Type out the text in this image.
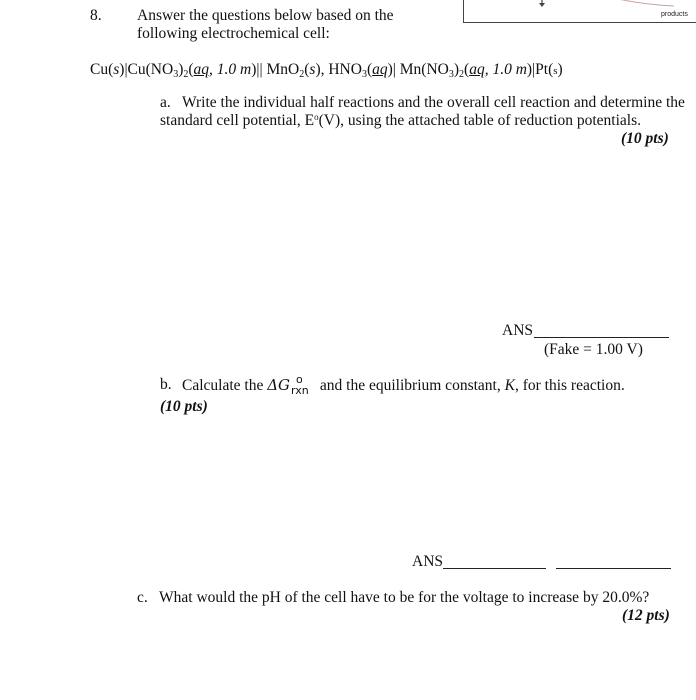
products
8. Answer the questions below based on the
following electrochemical cell:
$Cu(s)|Cu(NO_3)_2(aq$, 1.0 m)|| MnO$_2$(s), $HNO_3(aq)|$ $Mn(NO_3)_2(aq$, 1.0 m)|Pt(s)
a. Write the individual half reactions and the overall cell reaction and determine the
standard cell potential, $E^o(V)$, using the attached table of reduction potentials.
(10 pts)
ANS
(Fake = 1.00 V)
b. Calculate the ΔG o
rxn and the equilibrium constant, K, for this reaction.
(10 pts)
ANS
c. What would the pH of the cell have to be for the voltage to increase by 20.0%?
(12 pts)
